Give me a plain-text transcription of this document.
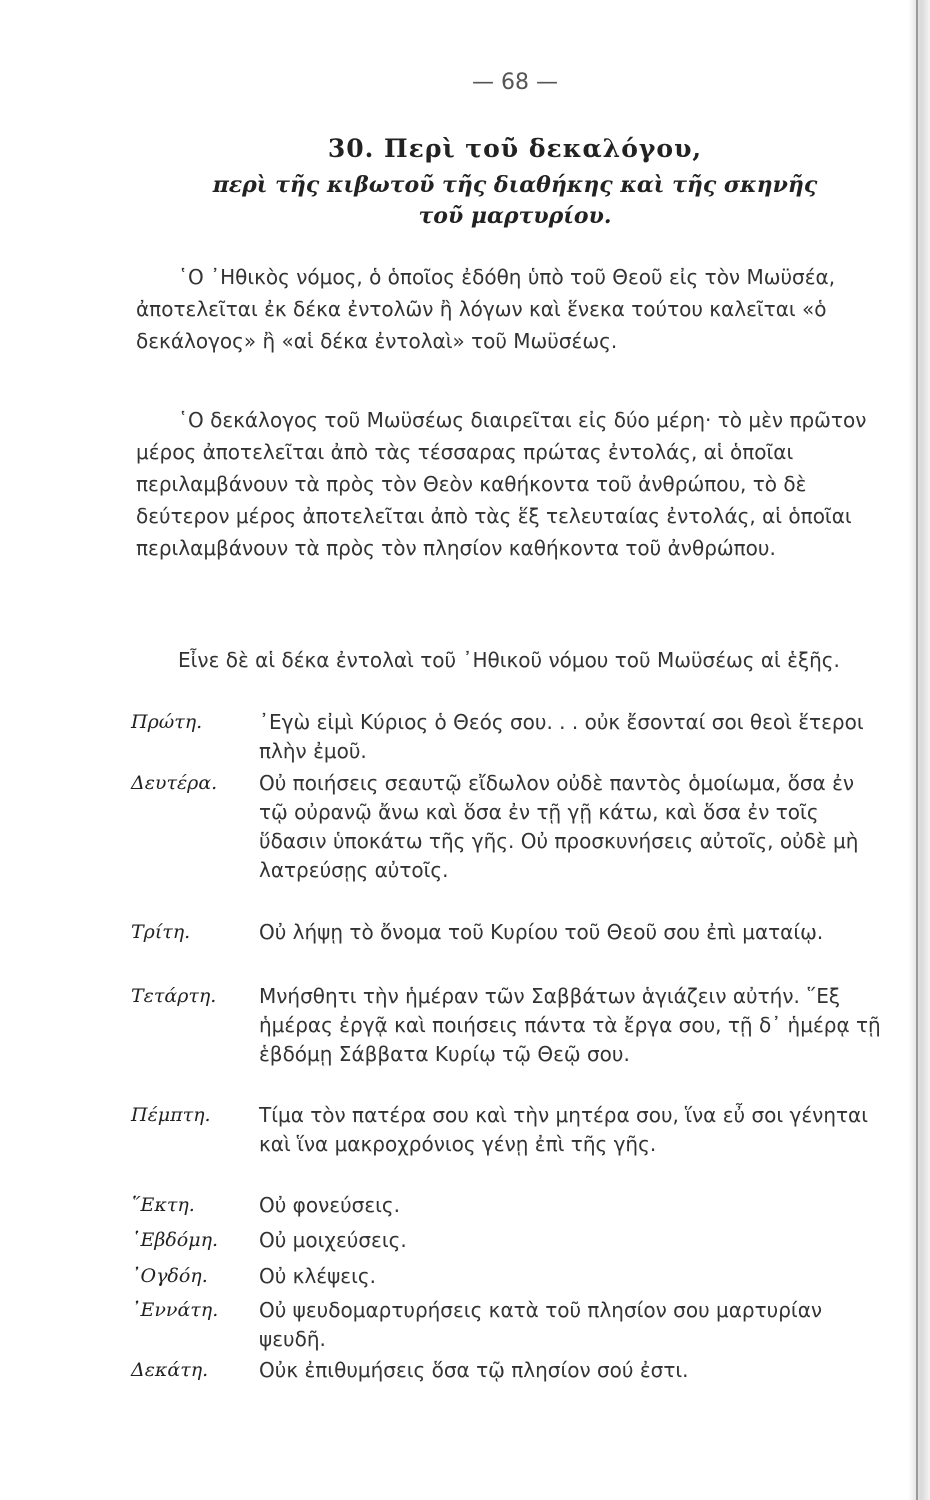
— 68 —
30. Περὶ τοῦ δεκαλόγου,
περὶ τῆς κιβωτοῦ τῆς διαθήκης καὶ τῆς σκηνῆς
τοῦ μαρτυρίου.
῾Ο ᾿Ηθικὸς νόμος, ὁ ὁποῖος ἐδόθη ὑπὸ τοῦ Θεοῦ εἰς τὸν Μωϋσέα, ἀποτελεῖται ἐκ δέκα ἐντολῶν ἢ λόγων καὶ ἕνεκα τούτου καλεῖται «ὁ δεκάλογος» ἢ «αἱ δέκα ἐντολαὶ» τοῦ Μωϋσέως.
῾Ο δεκάλογος τοῦ Μωϋσέως διαιρεῖται εἰς δύο μέρη· τὸ μὲν πρῶτον μέρος ἀποτελεῖται ἀπὸ τὰς τέσσαρας πρώτας ἐντολάς, αἱ ὁποῖαι περιλαμβάνουν τὰ πρὸς τὸν Θεὸν καθήκοντα τοῦ ἀνθρώπου, τὸ δὲ δεύτερον μέρος ἀποτελεῖται ἀπὸ τὰς ἕξ τελευταίας ἐντολάς, αἱ ὁποῖαι περιλαμβάνουν τὰ πρὸς τὸν πλησίον καθήκοντα τοῦ ἀνθρώπου.
Εἶνε δὲ αἱ δέκα ἐντολαὶ τοῦ ᾿Ηθικοῦ νόμου τοῦ Μωϋσέως αἱ ἑξῆς.
Πρώτη.	᾿Εγὼ εἰμὶ Κύριος ὁ Θεός σου. . . οὐκ ἔσονταί σοι θεοὶ ἕτεροι πλὴν ἐμοῦ.
Δευτέρα.	Οὐ ποιήσεις σεαυτῷ εἴδωλον οὐδὲ παντὸς ὁμοίωμα, ὅσα ἐν τῷ οὐρανῷ ἄνω καὶ ὅσα ἐν τῇ γῇ κάτω, καὶ ὅσα ἐν τοῖς ὕδασιν ὑποκάτω τῆς γῆς. Οὐ προσκυνήσεις αὐτοῖς, οὐδὲ μὴ λατρεύσῃς αὐτοῖς.
Τρίτη.	Οὐ λήψῃ τὸ ὄνομα τοῦ Κυρίου τοῦ Θεοῦ σου ἐπὶ ματαίῳ.
Τετάρτη.	Μνήσθητι τὴν ἡμέραν τῶν Σαββάτων ἁγιάζειν αὐτήν. ῞Εξ ἡμέρας ἐργᾷ καὶ ποιήσεις πάντα τὰ ἔργα σου, τῇ δ᾿ ἡμέρᾳ τῇ ἑβδόμῃ Σάββατα Κυρίῳ τῷ Θεῷ σου.
Πέμπτη.	Τίμα τὸν πατέρα σου καὶ τὴν μητέρα σου, ἵνα εὖ σοι γένηται καὶ ἵνα μακροχρόνιος γένῃ ἐπὶ τῆς γῆς.
῞Εκτη.	Οὐ φονεύσεις.
῾Εβδόμη.	Οὐ μοιχεύσεις.
᾿Ογδόη.	Οὐ κλέψεις.
᾿Εννάτη.	Οὐ ψευδομαρτυρήσεις κατὰ τοῦ πλησίον σου μαρτυρίαν ψευδῆ.
Δεκάτη.	Οὐκ ἐπιθυμήσεις ὅσα τῷ πλησίον σού ἐστι.
